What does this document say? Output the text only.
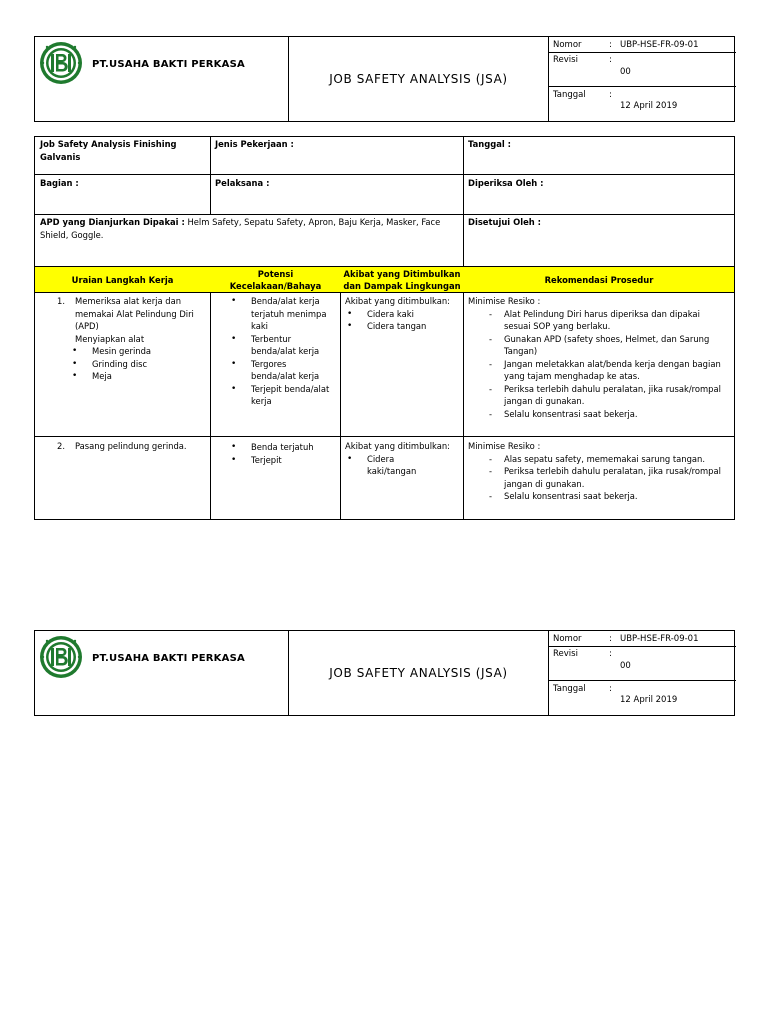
PT.USAHA BAKTI PERKASA
JOB SAFETY ANALYSIS (JSA)
Nomor	: UBP-HSE-FR-09-01
Revisi	:
00
Tanggal	:
12 April 2019
Job Safety Analysis Finishing
Galvanis
Jenis Pekerjaan :	Tanggal :
Bagian :	Pelaksana :	Diperiksa Oleh :
APD yang Dianjurkan Dipakai : Helm Safety, Sepatu Safety, Apron, Baju Kerja, Masker, Face
Shield, Goggle.
Disetujui Oleh :
Uraian Langkah Kerja
Potensi
Kecelakaan/Bahaya
Akibat yang Ditimbulkan
dan Dampak Lingkungan
Rekomendasi Prosedur
1. Memeriksa alat kerja dan
memakai Alat Pelindung Diri
(APD)
Menyiapkan alat
• Mesin gerinda
• Grinding disc
• Meja
• Benda/alat kerja
terjatuh menimpa
kaki
• Terbentur
benda/alat kerja
• Tergores
benda/alat kerja
• Terjepit benda/alat
kerja
Akibat yang ditimbulkan:
• Cidera kaki
• Cidera tangan
Minimise Resiko :
- Alat Pelindung Diri harus diperiksa dan dipakai
sesuai SOP yang berlaku.
- Gunakan APD (safety shoes, Helmet, dan Sarung
Tangan)
- Jangan meletakkan alat/benda kerja dengan bagian
yang tajam menghadap ke atas.
- Periksa terlebih dahulu peralatan, jika rusak/rompal
jangan di gunakan.
- Selalu konsentrasi saat bekerja.
2. Pasang pelindung gerinda.
•	Benda terjatuh
• Terjepit
Akibat yang ditimbulkan:
• Cidera
kaki/tangan
Minimise Resiko :
- Alas sepatu safety, mememakai sarung tangan.
- Periksa terlebih dahulu peralatan, jika rusak/rompal
jangan di gunakan.
- Selalu konsentrasi saat bekerja.
PT.USAHA BAKTI PERKASA
JOB SAFETY ANALYSIS (JSA)
Nomor	: UBP-HSE-FR-09-01
Revisi	:
00
Tanggal	:
12 April 2019
